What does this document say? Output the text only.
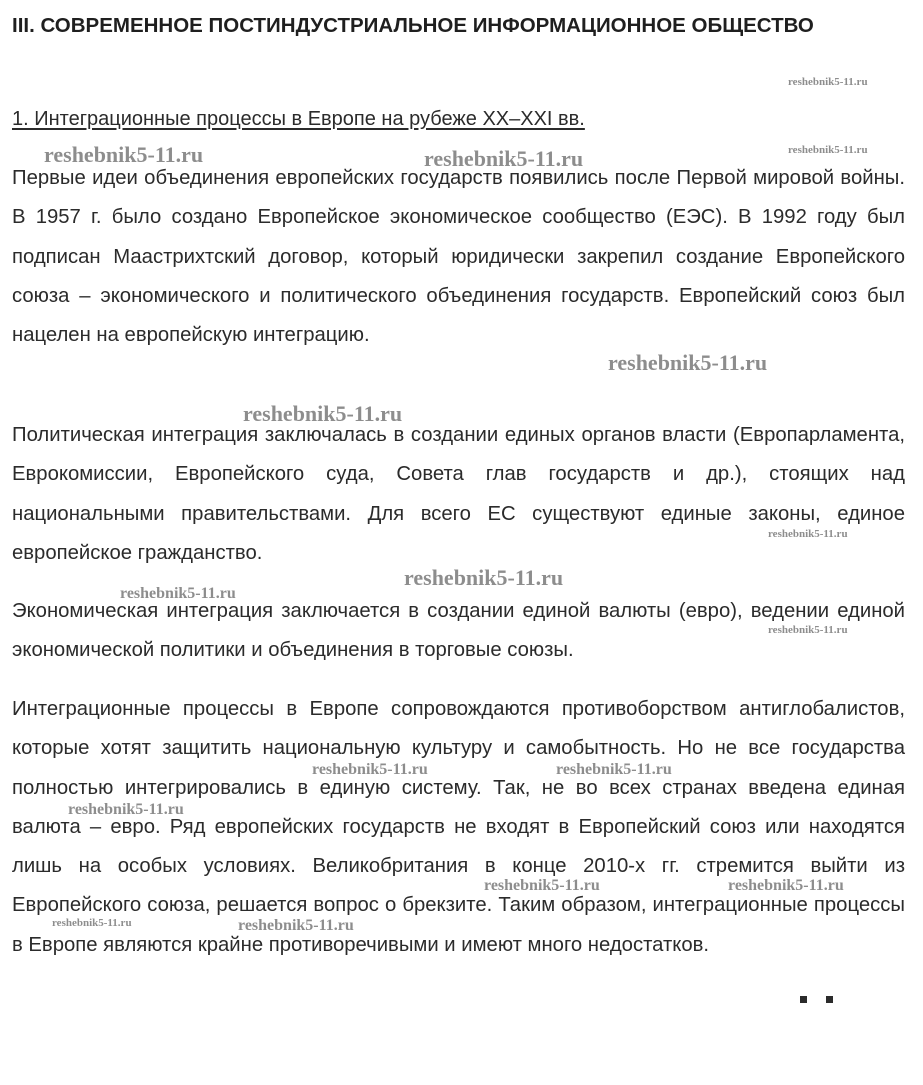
III. СОВРЕМЕННОЕ ПОСТИНДУСТРИАЛЬНОЕ ИНФОРМАЦИОННОЕ ОБЩЕСТВО
1. Интеграционные процессы в Европе на рубеже XX–XXI вв.

Первые идеи объединения европейских государств появились после Первой мировой войны. В 1957 г. было создано Европейское экономическое сообщество (ЕЭС). В 1992 году был подписан Маастрихтский договор, который юридически закрепил создание Европейского союза – экономического и политического объединения государств. Европейский союз был нацелен на европейскую интеграцию.

Политическая интеграция заключалась в создании единых органов власти (Европарламента, Еврокомиссии, Европейского суда, Совета глав государств и др.), стоящих над национальными правительствами. Для всего ЕС существуют единые законы, единое европейское гражданство.

Экономическая интеграция заключается в создании единой валюты (евро), ведении единой экономической политики и объединения в торговые союзы.

Интеграционные процессы в Европе сопровождаются противоборством антиглобалистов, которые хотят защитить национальную культуру и самобытность. Но не все государства полностью интегрировались в единую систему. Так, не во всех странах введена единая валюта – евро. Ряд европейских государств не входят в Европейский союз или находятся лишь на особых условиях. Великобритания в конце 2010-х гг. стремится выйти из Европейского союза, решается вопрос о брекзите. Таким образом, интеграционные процессы в Европе являются крайне противоречивыми и имеют много недостатков.

reshebnik5-11.ru
reshebnik5-11.ru	reshebnik5-11.ru	reshebnik5-11.ru
reshebnik5-11.ru
reshebnik5-11.ru
reshebnik5-11.ru
reshebnik5-11.ru
reshebnik5-11.ru
reshebnik5-11.ru
reshebnik5-11.ru	reshebnik5-11.ru
reshebnik5-11.ru
reshebnik5-11.ru	reshebnik5-11.ru
reshebnik5-11.ru	reshebnik5-11.ru
